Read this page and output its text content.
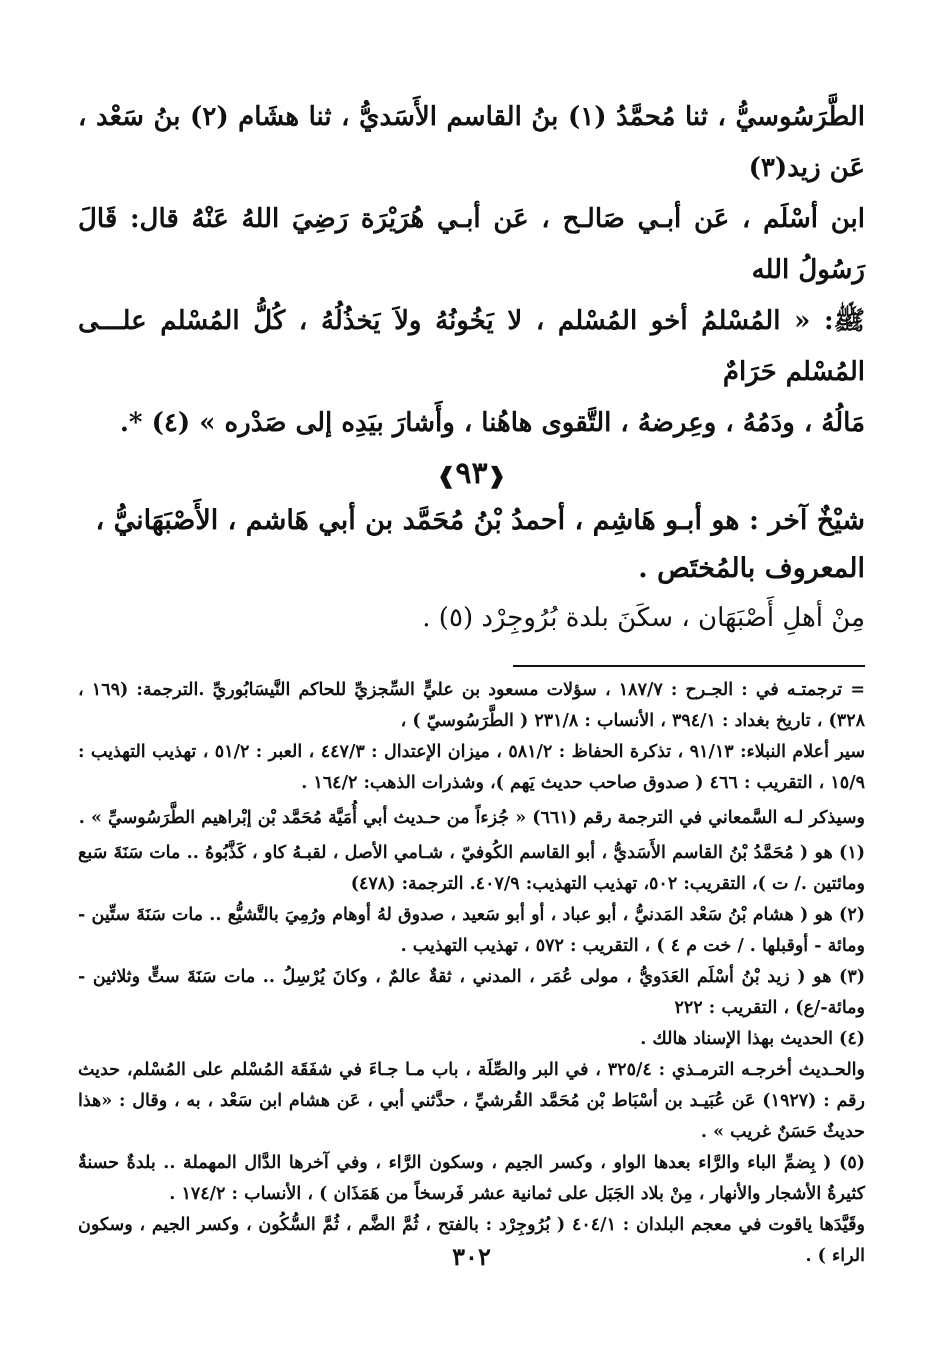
الطَّرَسُوسيُّ ، ثنا مُحمَّدُ (١) بنُ القاسم الأَسَديُّ ، ثنا هشَام (٢) بنُ سَعْد ، عَن زيد(٣)

ابن أسْلَم ، عَن أبـي صَالـح ، عَن أبـي هُرَيْرَة رَضِيَ اللهُ عَنْهُ قال: قَالَ رَسُولُ الله

ﷺ: « المُسْلمُ أخو المُسْلم ، لا يَخُونُهُ ولاَ يَخذُلُهُ ، كُلُّ المُسْلم علـــى المُسْلم حَرَامٌ

مَالُهُ ، ودَمُهُ ، وعِرضهُ ، التَّقوى هاهُنا ، وأَشارَ بيَدِه إلى صَدْره » (٤) *.

❰٩٣❱

شيْخٌ آخر : هو أبـو هَاشِم ، أحمدُ بْنُ مُحَمَّد بن أبي هَاشم ، الأَصْبَهَانيُّ ، المعروف بالمُختَص .

مِنْ أهلِ أَصْبَهَان ، سكَنَ بلدة بُرُوجِرْد (٥) .

= ترجمتـه في : الجـرح : ١٨٧/٧ ، سؤلات مسعود بن عليٍّ السِّجزيِّ للحاكم النَّيسَابُوريِّ .الترجمة: (١٦٩ ، ٣٢٨) ، تاريخ بغداد : ٣٩٤/١ ، الأنساب : ٢٣١/٨ ( الطَّرَسُوسيّ ) ،

سير أعلام النبلاء: ٩١/١٣ ، تذكرة الحفاظ : ٥٨١/٢ ، ميزان الإعتدال : ٤٤٧/٣ ، العبر : ٥١/٢ ، تهذيب التهذيب : ١٥/٩ ، التقريب : ٤٦٦ ( صدوق صاحب حديث يَهم )، وشذرات الذهب: ١٦٤/٢ .

وسيذكر لـه السَّمعاني في الترجمة رقم (٦٦١) « جُزءاً من حـديث أبي أُمَيَّة مُحَمَّد بْن إبْراهيم الطَّرَسُوسيِّ » .

(١) هو ( مُحَمَّدُ بْنُ القاسم الأَسَديُّ ، أبو القاسم الكُوفيّ ، شـامي الأصل ، لقبـهُ كاو ، كَذَّبُوهُ .. مات سَنَةَ سَبع ومائتين ./ ت )، التقريب: ٥٠٢، تهذيب التهذيب: ٤٠٧/٩. الترجمة: (٤٧٨)

(٢) هو ( هشام بْنُ سَعْد المَدنيُّ ، أبو عباد ، أو أبو سَعيد ، صدوق لهُ أوهام ورُمِيَ بالتَّشيُّع .. مات سَنَةَ ستِّين - ومائة - أوقبلها . / خت م ٤ ) ، التقريب : ٥٧٢ ، تهذيب التهذيب .

(٣) هو ( زيد بْنُ أسْلَم العَدَويُّ ، مولى عُمَر ، المدني ، ثقةٌ عالمٌ ، وكانَ يُرْسِلُ .. مات سَنَةَ ستٍّ وثلاثين - ومائة-/ع) ، التقريب : ٢٢٢

(٤) الحديث بهذا الإسناد هالك .

والحـديث أخرجـه الترمـذي : ٣٢٥/٤ ، في البر والصِّلَة ، باب مـا جـاءَ في شفَقَة المُسْلم على المُسْلم، حديث رقم : (١٩٢٧) عَن عُبَيـد بن أسْبَاط بْن مُحَمَّد القُرشيِّ ، حدَّثني أبي ، عَن هشام ابن سَعْد ، به ، وقال : «هذا حديثٌ حَسَنٌ غريب » .

(٥) ( بِضمِّ الباء والرَّاء بعدها الواو ، وكسر الجيم ، وسكون الرَّاء ، وفي آخرها الدَّال المهملة .. بلدةٌ حسنةٌ كثيرةُ الأشجار والأنهار ، مِنْ بلاد الجَبَل على ثمانية عشر فَرسخاً من هَمَذَان ) ، الأنساب : ١٧٤/٢ .

وقَيَّدَها ياقوت في معجم البلدان : ٤٠٤/١ ( بُرُوجِرْد : بالفتح ، ثُمَّ الضَّم ، ثُمَّ السُّكُون ، وكسر الجيم ، وسكون الراء ) .

٣٠٢
